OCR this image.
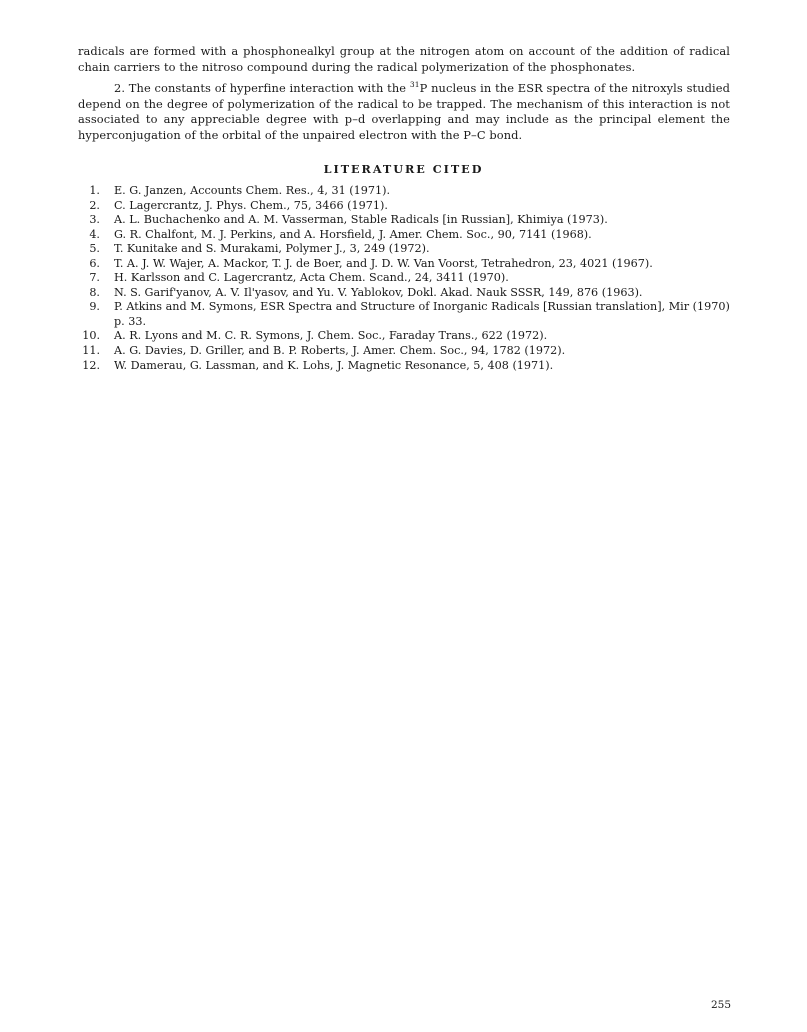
radicals are formed with a phosphonealkyl group at the nitrogen atom on account of the addition of radical chain carriers to the nitroso compound during the radical polymerization of the phosphonates.

2. The constants of hyperfine interaction with the $^{31}$P nucleus in the ESR spectra of the nitroxyls studied depend on the degree of polymerization of the radical to be trapped. The mechanism of this interaction is not associated to any appreciable degree with p–d overlapping and may include as the principal element the hyperconjugation of the orbital of the unpaired electron with the P–C bond.

LITERATURE CITED
1. E. G. Janzen, Accounts Chem. Res., 4, 31 (1971).
2. C. Lagercrantz, J. Phys. Chem., 75, 3466 (1971).
3. A. L. Buchachenko and A. M. Vasserman, Stable Radicals [in Russian], Khimiya (1973).
4. G. R. Chalfont, M. J. Perkins, and A. Horsfield, J. Amer. Chem. Soc., 90, 7141 (1968).
5. T. Kunitake and S. Murakami, Polymer J., 3, 249 (1972).
6. T. A. J. W. Wajer, A. Mackor, T. J. de Boer, and J. D. W. Van Voorst, Tetrahedron, 23, 4021 (1967).
7. H. Karlsson and C. Lagercrantz, Acta Chem. Scand., 24, 3411 (1970).
8. N. S. Garif'yanov, A. V. Il'yasov, and Yu. V. Yablokov, Dokl. Akad. Nauk SSSR, 149, 876 (1963).
9. P. Atkins and M. Symons, ESR Spectra and Structure of Inorganic Radicals [Russian translation], Mir (1970) p. 33.
10. A. R. Lyons and M. C. R. Symons, J. Chem. Soc., Faraday Trans., 622 (1972).
11. A. G. Davies, D. Griller, and B. P. Roberts, J. Amer. Chem. Soc., 94, 1782 (1972).
12. W. Damerau, G. Lassman, and K. Lohs, J. Magnetic Resonance, 5, 408 (1971).
255
